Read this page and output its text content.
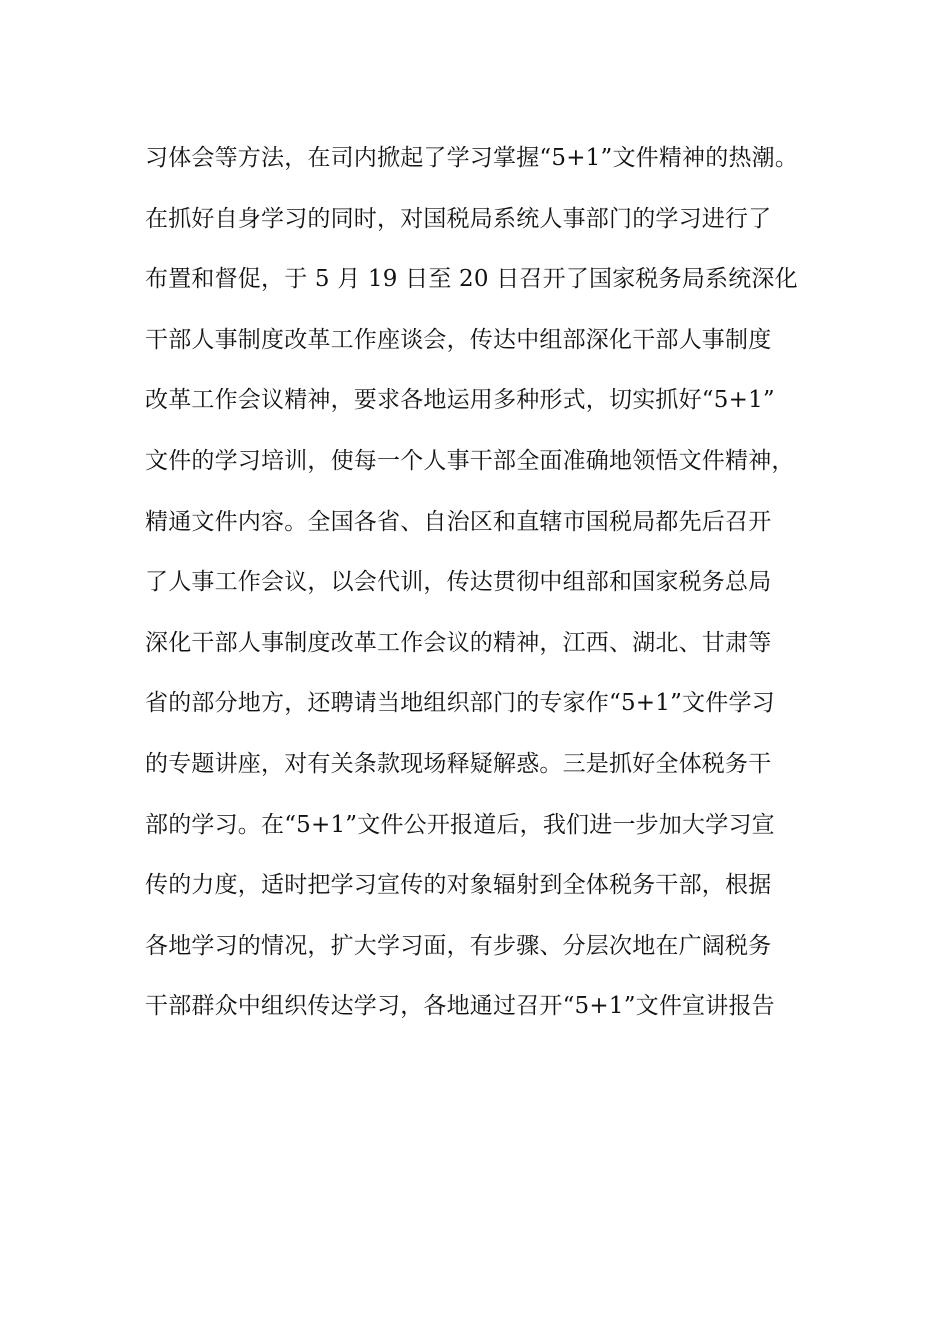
习体会等方法，在司内掀起了学习掌握“5+1”文件精神的热潮。
在抓好自身学习的同时，对国税局系统人事部门的学习进行了
布置和督促，于 5 月 19 日至 20 日召开了国家税务局系统深化
干部人事制度改革工作座谈会，传达中组部深化干部人事制度
改革工作会议精神，要求各地运用多种形式，切实抓好“5+1”
文件的学习培训，使每一个人事干部全面准确地领悟文件精神，
精通文件内容。全国各省、自治区和直辖市国税局都先后召开
了人事工作会议，以会代训，传达贯彻中组部和国家税务总局
深化干部人事制度改革工作会议的精神，江西、湖北、甘肃等
省的部分地方，还聘请当地组织部门的专家作“5+1”文件学习
的专题讲座，对有关条款现场释疑解惑。三是抓好全体税务干
部的学习。在“5+1”文件公开报道后，我们进一步加大学习宣
传的力度，适时把学习宣传的对象辐射到全体税务干部，根据
各地学习的情况，扩大学习面，有步骤、分层次地在广阔税务
干部群众中组织传达学习，各地通过召开“5+1”文件宣讲报告
